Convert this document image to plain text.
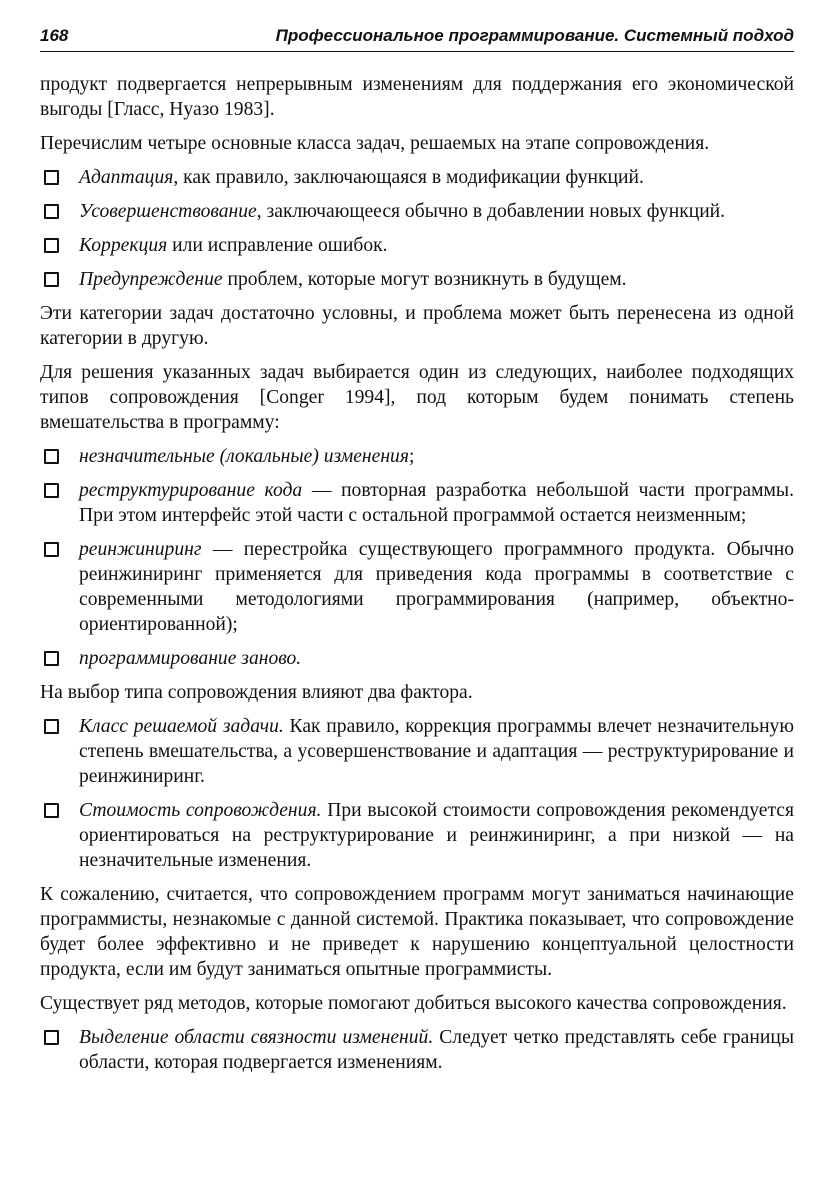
168	Профессиональное программирование. Системный подход

продукт подвергается непрерывным изменениям для поддержания его экономической выгоды [Гласс, Нуазо 1983].

Перечислим четыре основные класса задач, решаемых на этапе сопровождения.

Адаптация, как правило, заключающаяся в модификации функций.
Усовершенствование, заключающееся обычно в добавлении новых функций.
Коррекция или исправление ошибок.
Предупреждение проблем, которые могут возникнуть в будущем.

Эти категории задач достаточно условны, и проблема может быть перенесена из одной категории в другую.

Для решения указанных задач выбирается один из следующих, наиболее подходящих типов сопровождения [Conger 1994], под которым будем понимать степень вмешательства в программу:

незначительные (локальные) изменения;
реструктурирование кода — повторная разработка небольшой части программы. При этом интерфейс этой части с остальной программой остается неизменным;
реинжиниринг — перестройка существующего программного продукта. Обычно реинжиниринг применяется для приведения кода программы в соответствие с современными методологиями программирования (например, объектно-ориентированной);
программирование заново.

На выбор типа сопровождения влияют два фактора.

Класс решаемой задачи. Как правило, коррекция программы влечет незначительную степень вмешательства, а усовершенствование и адаптация — реструктурирование и реинжиниринг.
Стоимость сопровождения. При высокой стоимости сопровождения рекомендуется ориентироваться на реструктурирование и реинжиниринг, а при низкой — на незначительные изменения.

К сожалению, считается, что сопровождением программ могут заниматься начинающие программисты, незнакомые с данной системой. Практика показывает, что сопровождение будет более эффективно и не приведет к нарушению концептуальной целостности продукта, если им будут заниматься опытные программисты.

Существует ряд методов, которые помогают добиться высокого качества сопровождения.

Выделение области связности изменений. Следует четко представлять себе границы области, которая подвергается изменениям.
